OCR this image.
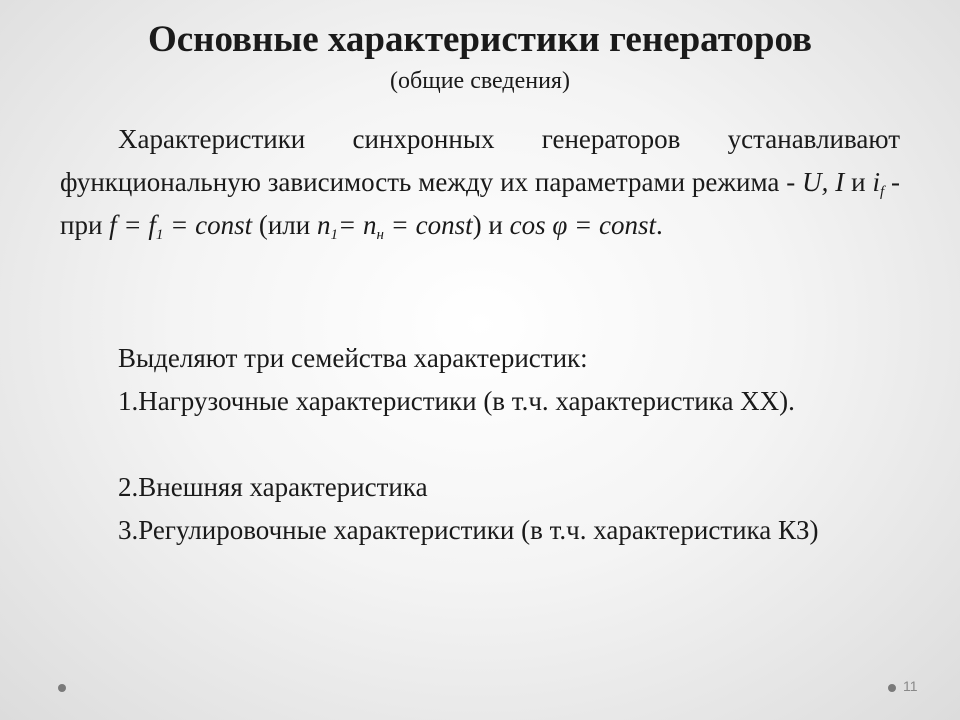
Основные характеристики генераторов
(общие сведения)

Характеристики синхронных генераторов устанавливают функциональную зависимость между их параметрами режима - U, I и $i_f$ - при $f = f_1$ = const (или $n_1= n_н$ = const) и cos φ = const.

Выделяют три семейства характеристик:

1.Нагрузочные характеристики (в т.ч. характеристика ХХ).

2.Внешняя характеристика

3.Регулировочные характеристики (в т.ч. характеристика КЗ)

11
